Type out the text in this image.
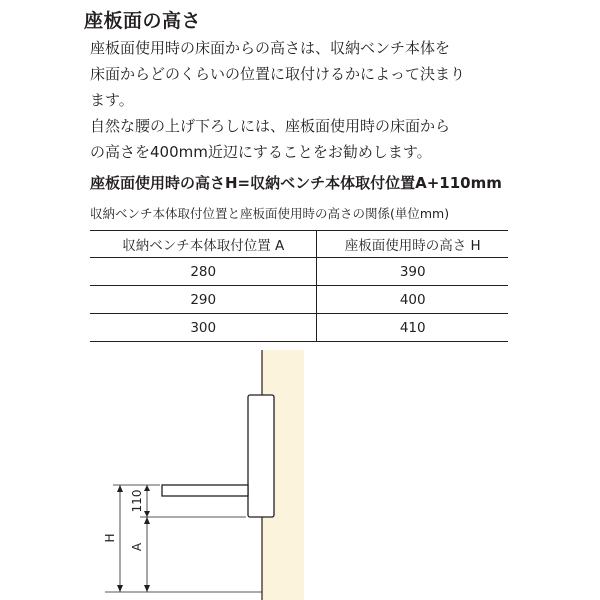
座板面の高さ

座板面使用時の床面からの高さは、収納ベンチ本体を
床面からどのくらいの位置に取付けるかによって決まり
ます。

自然な腰の上げ下ろしには、座板面使用時の床面から
の高さを400mm近辺にすることをお勧めします。

座板面使用時の高さH=収納ベンチ本体取付位置A+110mm
収納ベンチ本体取付位置と座板面使用時の高さの関係(単位mm)
収納ベンチ本体取付位置 A	座板面使用時の高さ H
280	390
290	400
300	410
H
A
110
